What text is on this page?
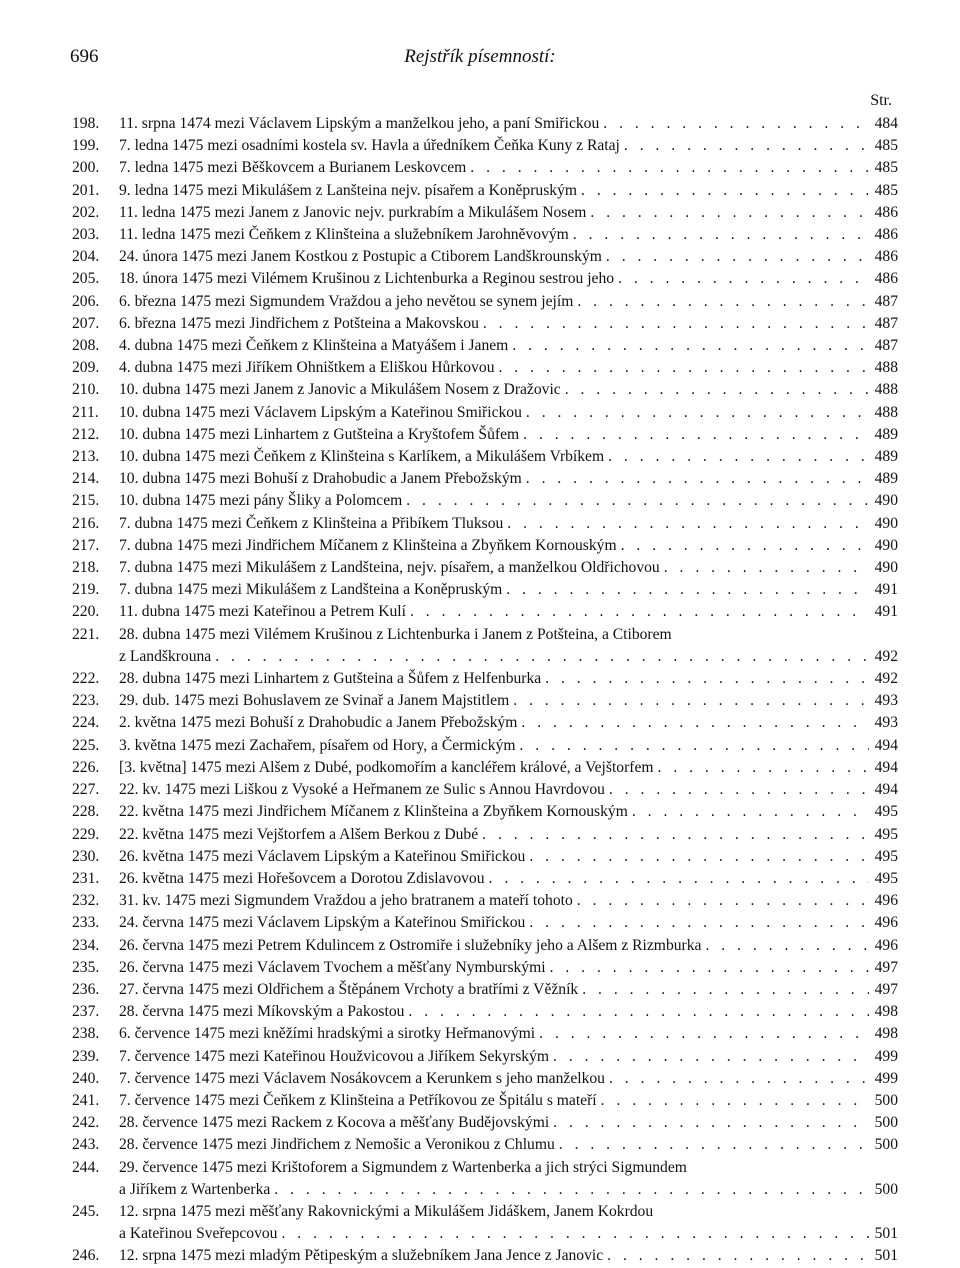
696	Rejstřík písemností:
Str.
198.	11. srpna 1474 mezi Václavem Lipským a manželkou jeho, a paní Smiřickou . . .	484
199.	7. ledna 1475 mezi osadními kostela sv. Havla a úředníkem Čeňka Kuny z Rataj . . .	485
200.	7. ledna 1475 mezi Běškovcem a Burianem Leskovcem . . .	485
201.	9. ledna 1475 mezi Mikulášem z Lanšteina nejv. písařem a Koněpruským . . .	485
202.	11. ledna 1475 mezi Janem z Janovic nejv. purkrabím a Mikulášem Nosem . . .	486
203.	11. ledna 1475 mezi Čeňkem z Klinšteina a služebníkem Jarohněvovým . . .	486
204.	24. února 1475 mezi Janem Kostkou z Postupic a Ctiborem Landškrounským . . .	486
205.	18. února 1475 mezi Vilémem Krušinou z Lichtenburka a Reginou sestrou jeho . . .	486
206.	6. března 1475 mezi Sigmundem Vraždou a jeho nevětou se synem jejím . . .	487
207.	6. března 1475 mezi Jindřichem z Potšteina a Makovskou . . .	487
208.	4. dubna 1475 mezi Čeňkem z Klinšteina a Matyášem i Janem . . .	487
209.	4. dubna 1475 mezi Jiříkem Ohništkem a Eliškou Hůrkovou . . .	488
210.	10. dubna 1475 mezi Janem z Janovic a Mikulášem Nosem z Dražovic . . .	488
211.	10. dubna 1475 mezi Václavem Lipským a Kateřinou Smiřickou . . .	488
212.	10. dubna 1475 mezi Linhartem z Gutšteina a Kryštofem Šůfem . . .	489
213.	10. dubna 1475 mezi Čeňkem z Klinšteina s Karlíkem, a Mikulášem Vrbíkem . . .	489
214.	10. dubna 1475 mezi Bohuší z Drahobudic a Janem Přebožským . . .	489
215.	10. dubna 1475 mezi pány Šliky a Polomcem . . .	490
216.	7. dubna 1475 mezi Čeňkem z Klinšteina a Přibíkem Tluksou . . .	490
217.	7. dubna 1475 mezi Jindřichem Míčanem z Klinšteina a Zbyňkem Kornouským . . .	490
218.	7. dubna 1475 mezi Mikulášem z Landšteina, nejv. písařem, a manželkou Oldřichovou . . .	490
219.	7. dubna 1475 mezi Mikulášem z Landšteina a Koněpruským . . .	491
220.	11. dubna 1475 mezi Kateřinou a Petrem Kulí . . .	491
221.	28. dubna 1475 mezi Vilémem Krušinou z Lichtenburka i Janem z Potšteina, a Ctiborem
z Landškrouna . . .	492
222.	28. dubna 1475 mezi Linhartem z Gutšteina a Šůfem z Helfenburka . . .	492
223.	29. dub. 1475 mezi Bohuslavem ze Svinař a Janem Majstitlem . . .	493
224.	2. května 1475 mezi Bohuší z Drahobudic a Janem Přebožským . . .	493
225.	3. května 1475 mezi Zachařem, písařem od Hory, a Čermickým . . .	494
226.	[3. května] 1475 mezi Alšem z Dubé, podkomořím a kancléřem králové, a Vejštorfem . . .	494
227.	22. kv. 1475 mezi Liškou z Vysoké a Heřmanem ze Sulic s Annou Havrdovou . . .	494
228.	22. května 1475 mezi Jindřichem Míčanem z Klinšteina a Zbyňkem Kornouským . . .	495
229.	22. května 1475 mezi Vejštorfem a Alšem Berkou z Dubé . . .	495
230.	26. května 1475 mezi Václavem Lipským a Kateřinou Smiřickou . . .	495
231.	26. května 1475 mezi Hořešovcem a Dorotou Zdislavovou . . .	495
232.	31. kv. 1475 mezi Sigmundem Vraždou a jeho bratranem a mateří tohoto . . .	496
233.	24. června 1475 mezi Václavem Lipským a Kateřinou Smiřickou . . .	496
234.	26. června 1475 mezi Petrem Kdulincem z Ostromiře i služebníky jeho a Alšem z Rizmburka . . .	496
235.	26. června 1475 mezi Václavem Tvochem a měšťany Nymburskými . . .	497
236.	27. června 1475 mezi Oldřichem a Štěpánem Vrchoty a bratřími z Věžník . . .	497
237.	28. června 1475 mezi Míkovským a Pakostou . . .	498
238.	6. července 1475 mezi kněžími hradskými a sirotky Heřmanovými . . .	498
239.	7. července 1475 mezi Kateřinou Houžvicovou a Jiříkem Sekyrským . . .	499
240.	7. července 1475 mezi Václavem Nosákovcem a Kerunkem s jeho manželkou . . .	499
241.	7. července 1475 mezi Čeňkem z Klinšteina a Petříkovou ze Špitálu s mateří . . .	500
242.	28. července 1475 mezi Rackem z Kocova a měšťany Budějovskými . . .	500
243.	28. července 1475 mezi Jindřichem z Nemošic a Veronikou z Chlumu . . .	500
244.	29. července 1475 mezi Krištoforem a Sigmundem z Wartenberka a jich strýci Sigmundem
a Jiříkem z Wartenberka . . .	500
245.	12. srpna 1475 mezi měšťany Rakovnickými a Mikulášem Jidáškem, Janem Kokrdou
a Kateřinou Sveřepcovou . . .	501
246.	12. srpna 1475 mezi mladým Pětipeským a služebníkem Jana Jence z Janovic . . .	501
